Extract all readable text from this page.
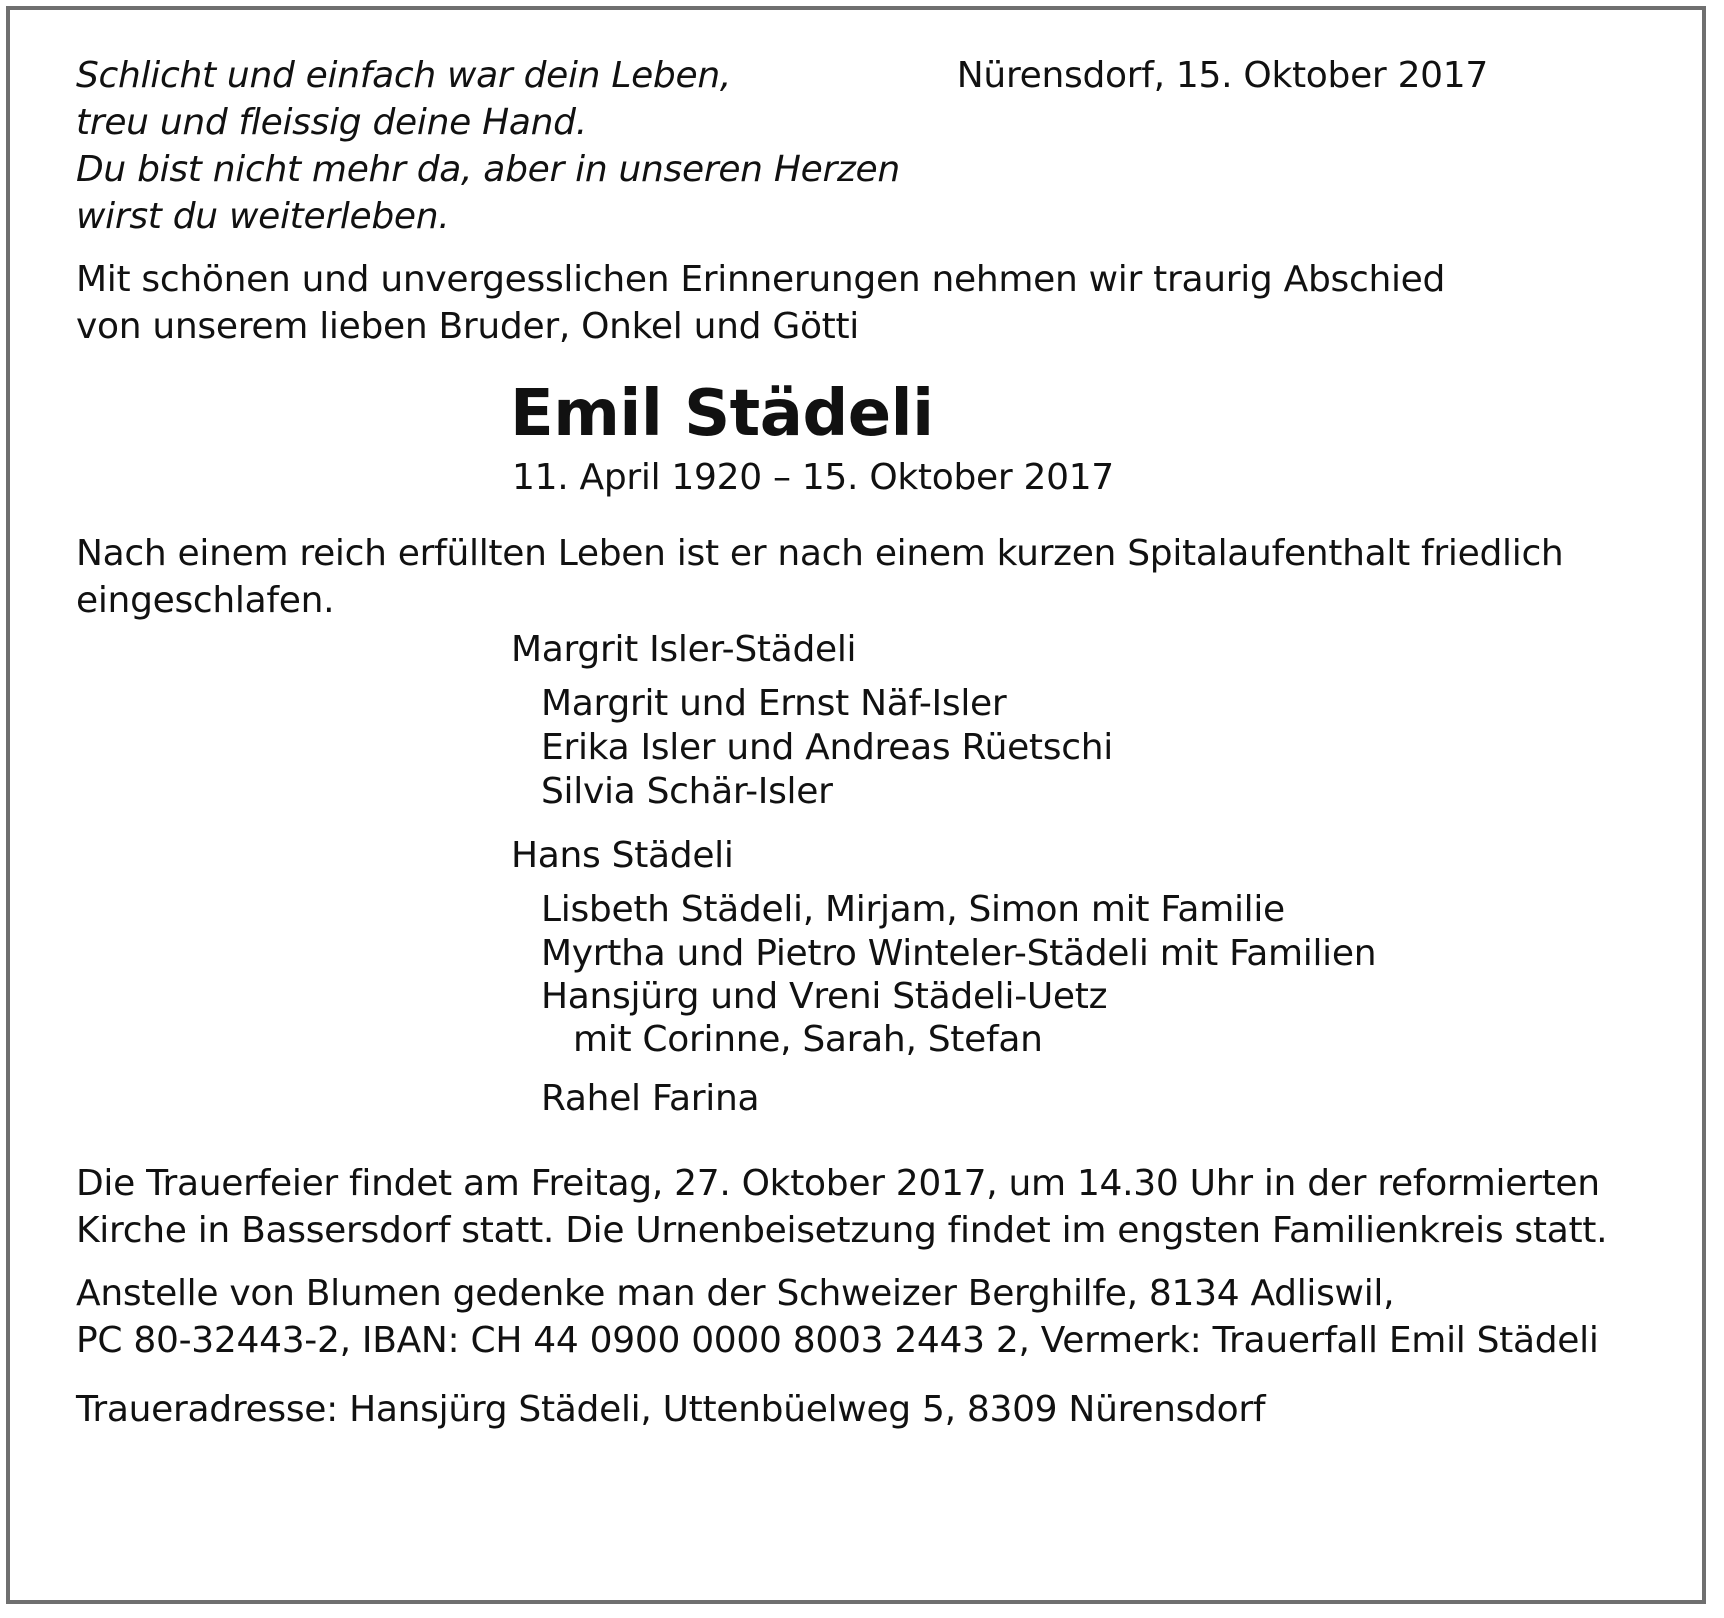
Schlicht und einfach war dein Leben,
treu und fleissig deine Hand.
Du bist nicht mehr da, aber in unseren Herzen
wirst du weiterleben.
Nürensdorf, 15. Oktober 2017
Mit schönen und unvergesslichen Erinnerungen nehmen wir traurig Abschied
von unserem lieben Bruder, Onkel und Götti
Emil Städeli
11. April 1920 – 15. Oktober 2017
Nach einem reich erfüllten Leben ist er nach einem kurzen Spitalaufenthalt friedlich
eingeschlafen.
Margrit Isler-Städeli
Margrit und Ernst Näf-Isler
Erika Isler und Andreas Rüetschi
Silvia Schär-Isler
Hans Städeli
Lisbeth Städeli, Mirjam, Simon mit Familie
Myrtha und Pietro Winteler-Städeli mit Familien
Hansjürg und Vreni Städeli-Uetz
mit Corinne, Sarah, Stefan
Rahel Farina
Die Trauerfeier findet am Freitag, 27. Oktober 2017, um 14.30 Uhr in der reformierten
Kirche in Bassersdorf statt. Die Urnenbeisetzung findet im engsten Familienkreis statt.
Anstelle von Blumen gedenke man der Schweizer Berghilfe, 8134 Adliswil,
PC 80-32443-2, IBAN: CH 44 0900 0000 8003 2443 2, Vermerk: Trauerfall Emil Städeli
Traueradresse: Hansjürg Städeli, Uttenbüelweg 5, 8309 Nürensdorf
